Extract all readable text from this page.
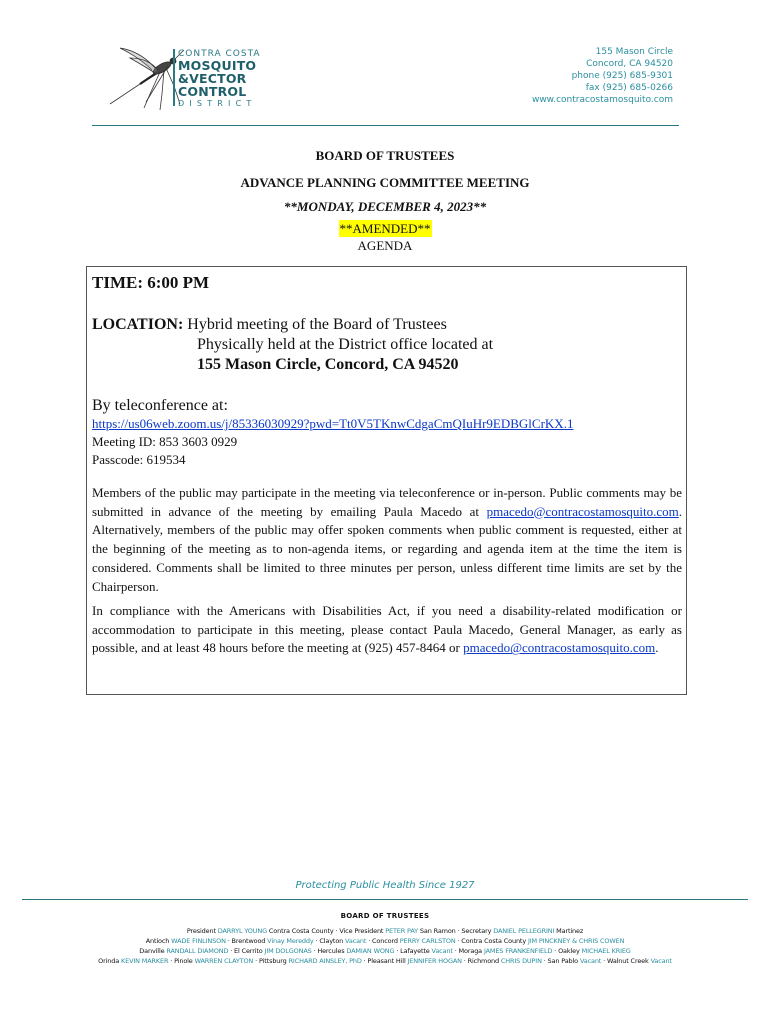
CONTRA COSTA
MOSQUITO
&VECTOR
CONTROL
DISTRICT
155 Mason Circle
Concord, CA 94520
phone (925) 685-9301
fax (925) 685-0266
www.contracostamosquito.com
BOARD OF TRUSTEES
ADVANCE PLANNING COMMITTEE MEETING
**MONDAY, DECEMBER 4, 2023**
**AMENDED**
AGENDA
TIME: 6:00 PM
LOCATION: Hybrid meeting of the Board of Trustees
Physically held at the District office located at
155 Mason Circle, Concord, CA 94520
By teleconference at:
https://us06web.zoom.us/j/85336030929?pwd=Tt0V5TKnwCdgaCmQIuHr9EDBGlCrKX.1
Meeting ID: 853 3603 0929
Passcode: 619534
Members of the public may participate in the meeting via teleconference or in-person. Public comments may be submitted in advance of the meeting by emailing Paula Macedo at pmacedo@contracostamosquito.com. Alternatively, members of the public may offer spoken comments when public comment is requested, either at the beginning of the meeting as to non-agenda items, or regarding and agenda item at the time the item is considered. Comments shall be limited to three minutes per person, unless different time limits are set by the Chairperson.
In compliance with the Americans with Disabilities Act, if you need a disability-related modification or accommodation to participate in this meeting, please contact Paula Macedo, General Manager, as early as possible, and at least 48 hours before the meeting at (925) 457-8464 or pmacedo@contracostamosquito.com.
Protecting Public Health Since 1927
BOARD OF TRUSTEES
President DARRYL YOUNG Contra Costa County · Vice President PETER PAY San Ramon · Secretary DANIEL PELLEGRINI Martinez
Antioch WADE FINLINSON · Brentwood Vinay Mereddy · Clayton Vacant · Concord PERRY CARLSTON · Contra Costa County JIM PINCKNEY & CHRIS COWEN
Danville RANDALL DIAMOND · El Cerrito JIM DOLGONAS · Hercules DAMIAN WONG · Lafayette Vacant · Moraga JAMES FRANKENFIELD · Oakley MICHAEL KRIEG
Orinda KEVIN MARKER · Pinole WARREN CLAYTON · Pittsburg RICHARD AINSLEY, PhD · Pleasant Hill JENNIFER HOGAN · Richmond CHRIS DUPIN · San Pablo Vacant · Walnut Creek Vacant
